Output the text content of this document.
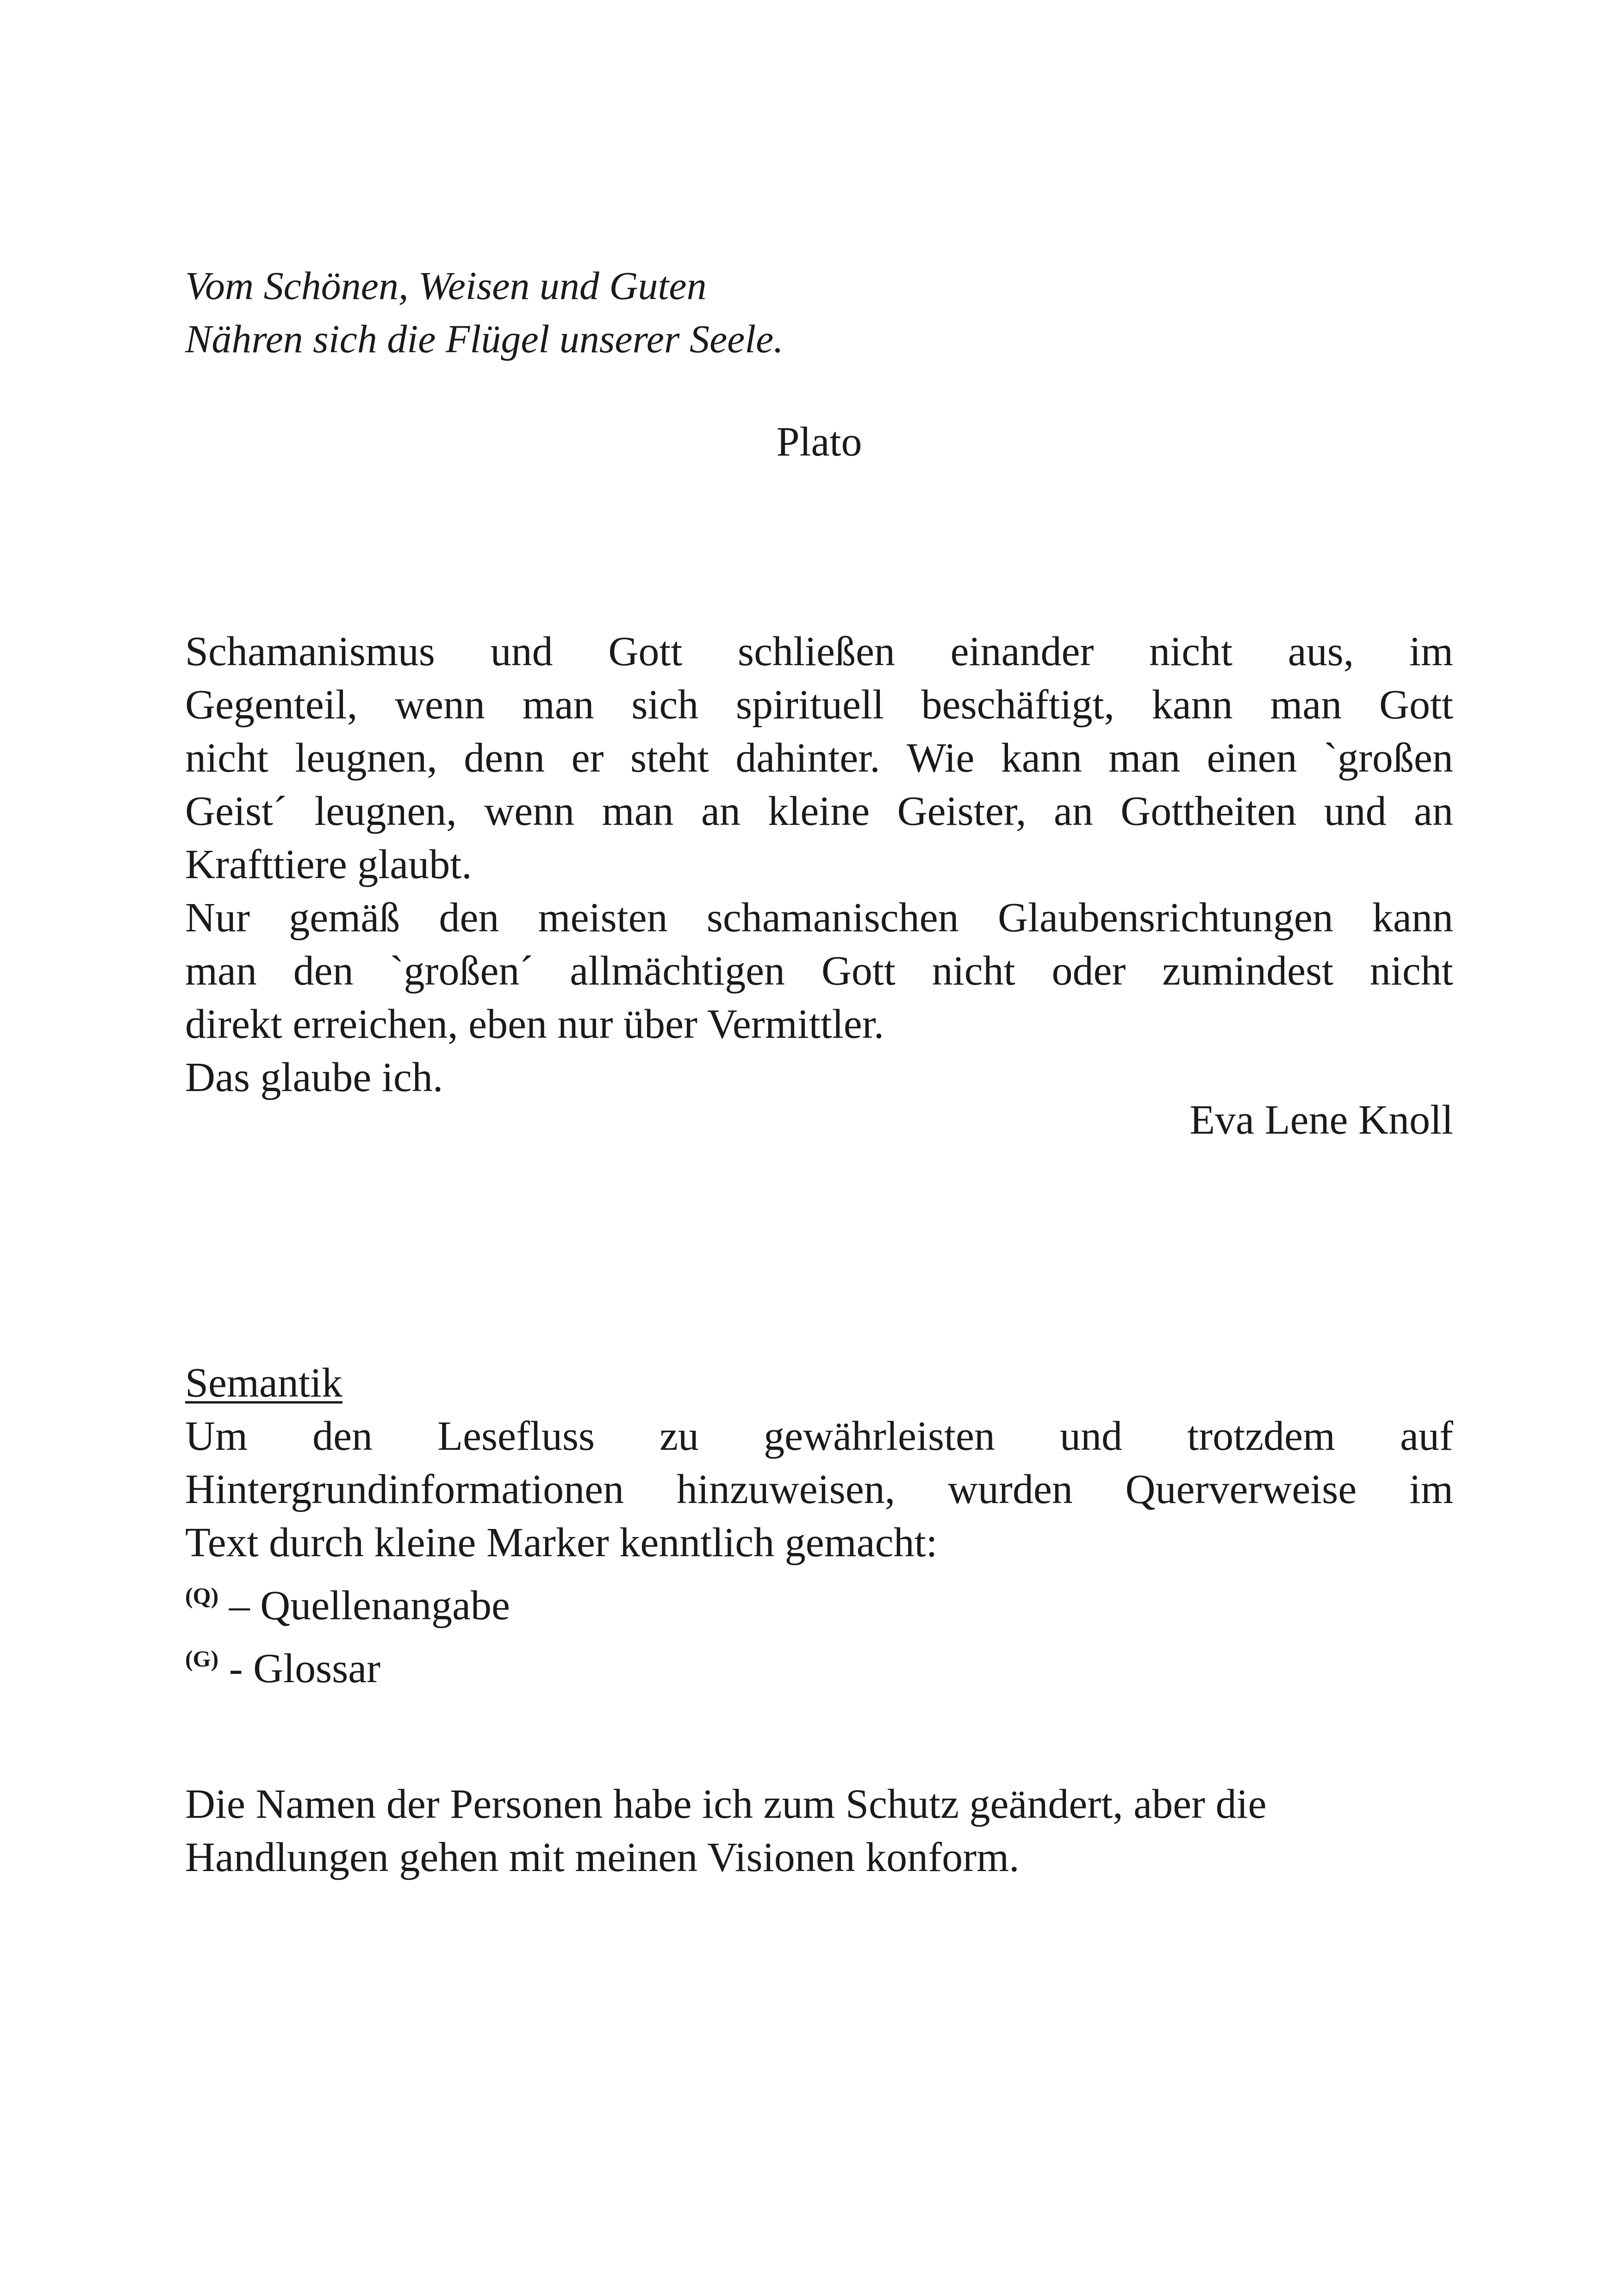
Vom Schönen, Weisen und Guten
Nähren sich die Flügel unserer Seele.
Plato
Schamanismus und Gott schließen einander nicht aus, im
Gegenteil, wenn man sich spirituell beschäftigt, kann man Gott
nicht leugnen, denn er steht dahinter. Wie kann man einen `großen
Geist´ leugnen, wenn man an kleine Geister, an Gottheiten und an
Krafttiere glaubt.
Nur gemäß den meisten schamanischen Glaubensrichtungen kann
man den `großen´ allmächtigen Gott nicht oder zumindest nicht
direkt erreichen, eben nur über Vermittler.
Das glaube ich.
Eva Lene Knoll
Semantik
Um den Lesefluss zu gewährleisten und trotzdem auf
Hintergrundinformationen hinzuweisen, wurden Querverweise im
Text durch kleine Marker kenntlich gemacht:
$^{(Q)}$ – Quellenangabe
$^{(G)}$ - Glossar
Die Namen der Personen habe ich zum Schutz geändert, aber die
Handlungen gehen mit meinen Visionen konform.
